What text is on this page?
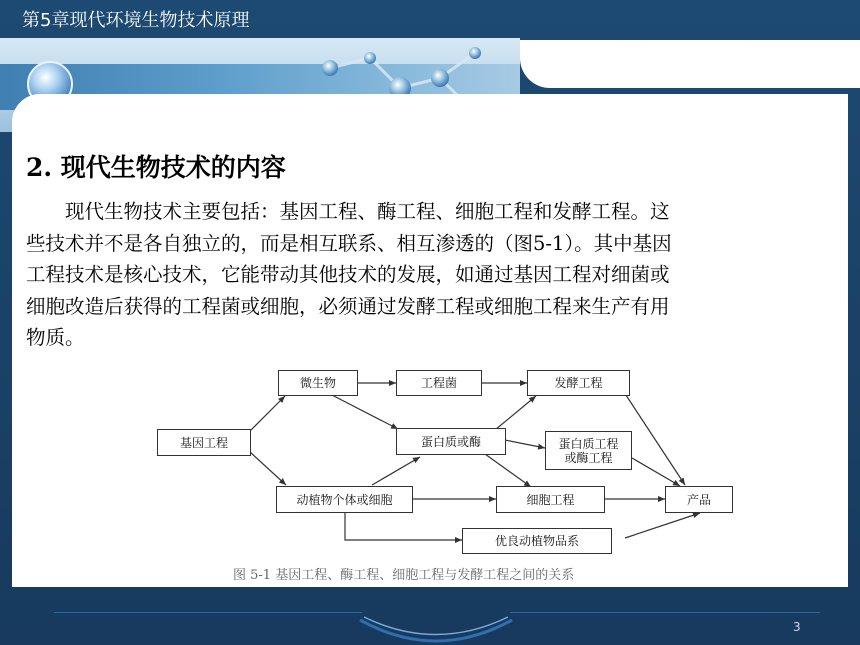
第5章现代环境生物技术原理
2. 现代生物技术的内容
现代生物技术主要包括：基因工程、酶工程、细胞工程和发酵工程。这
些技术并不是各自独立的，而是相互联系、相互渗透的（图5-1）。其中基因
工程技术是核心技术，它能带动其他技术的发展，如通过基因工程对细菌或
细胞改造后获得的工程菌或细胞，必须通过发酵工程或细胞工程来生产有用
物质。
基因工程
微生物	工程菌	发酵工程
蛋白质或酶	蛋白质工程
或酶工程
动植物个体或细胞	细胞工程	产品
优良动植物品系
图 5-1 基因工程、酶工程、细胞工程与发酵工程之间的关系
3
